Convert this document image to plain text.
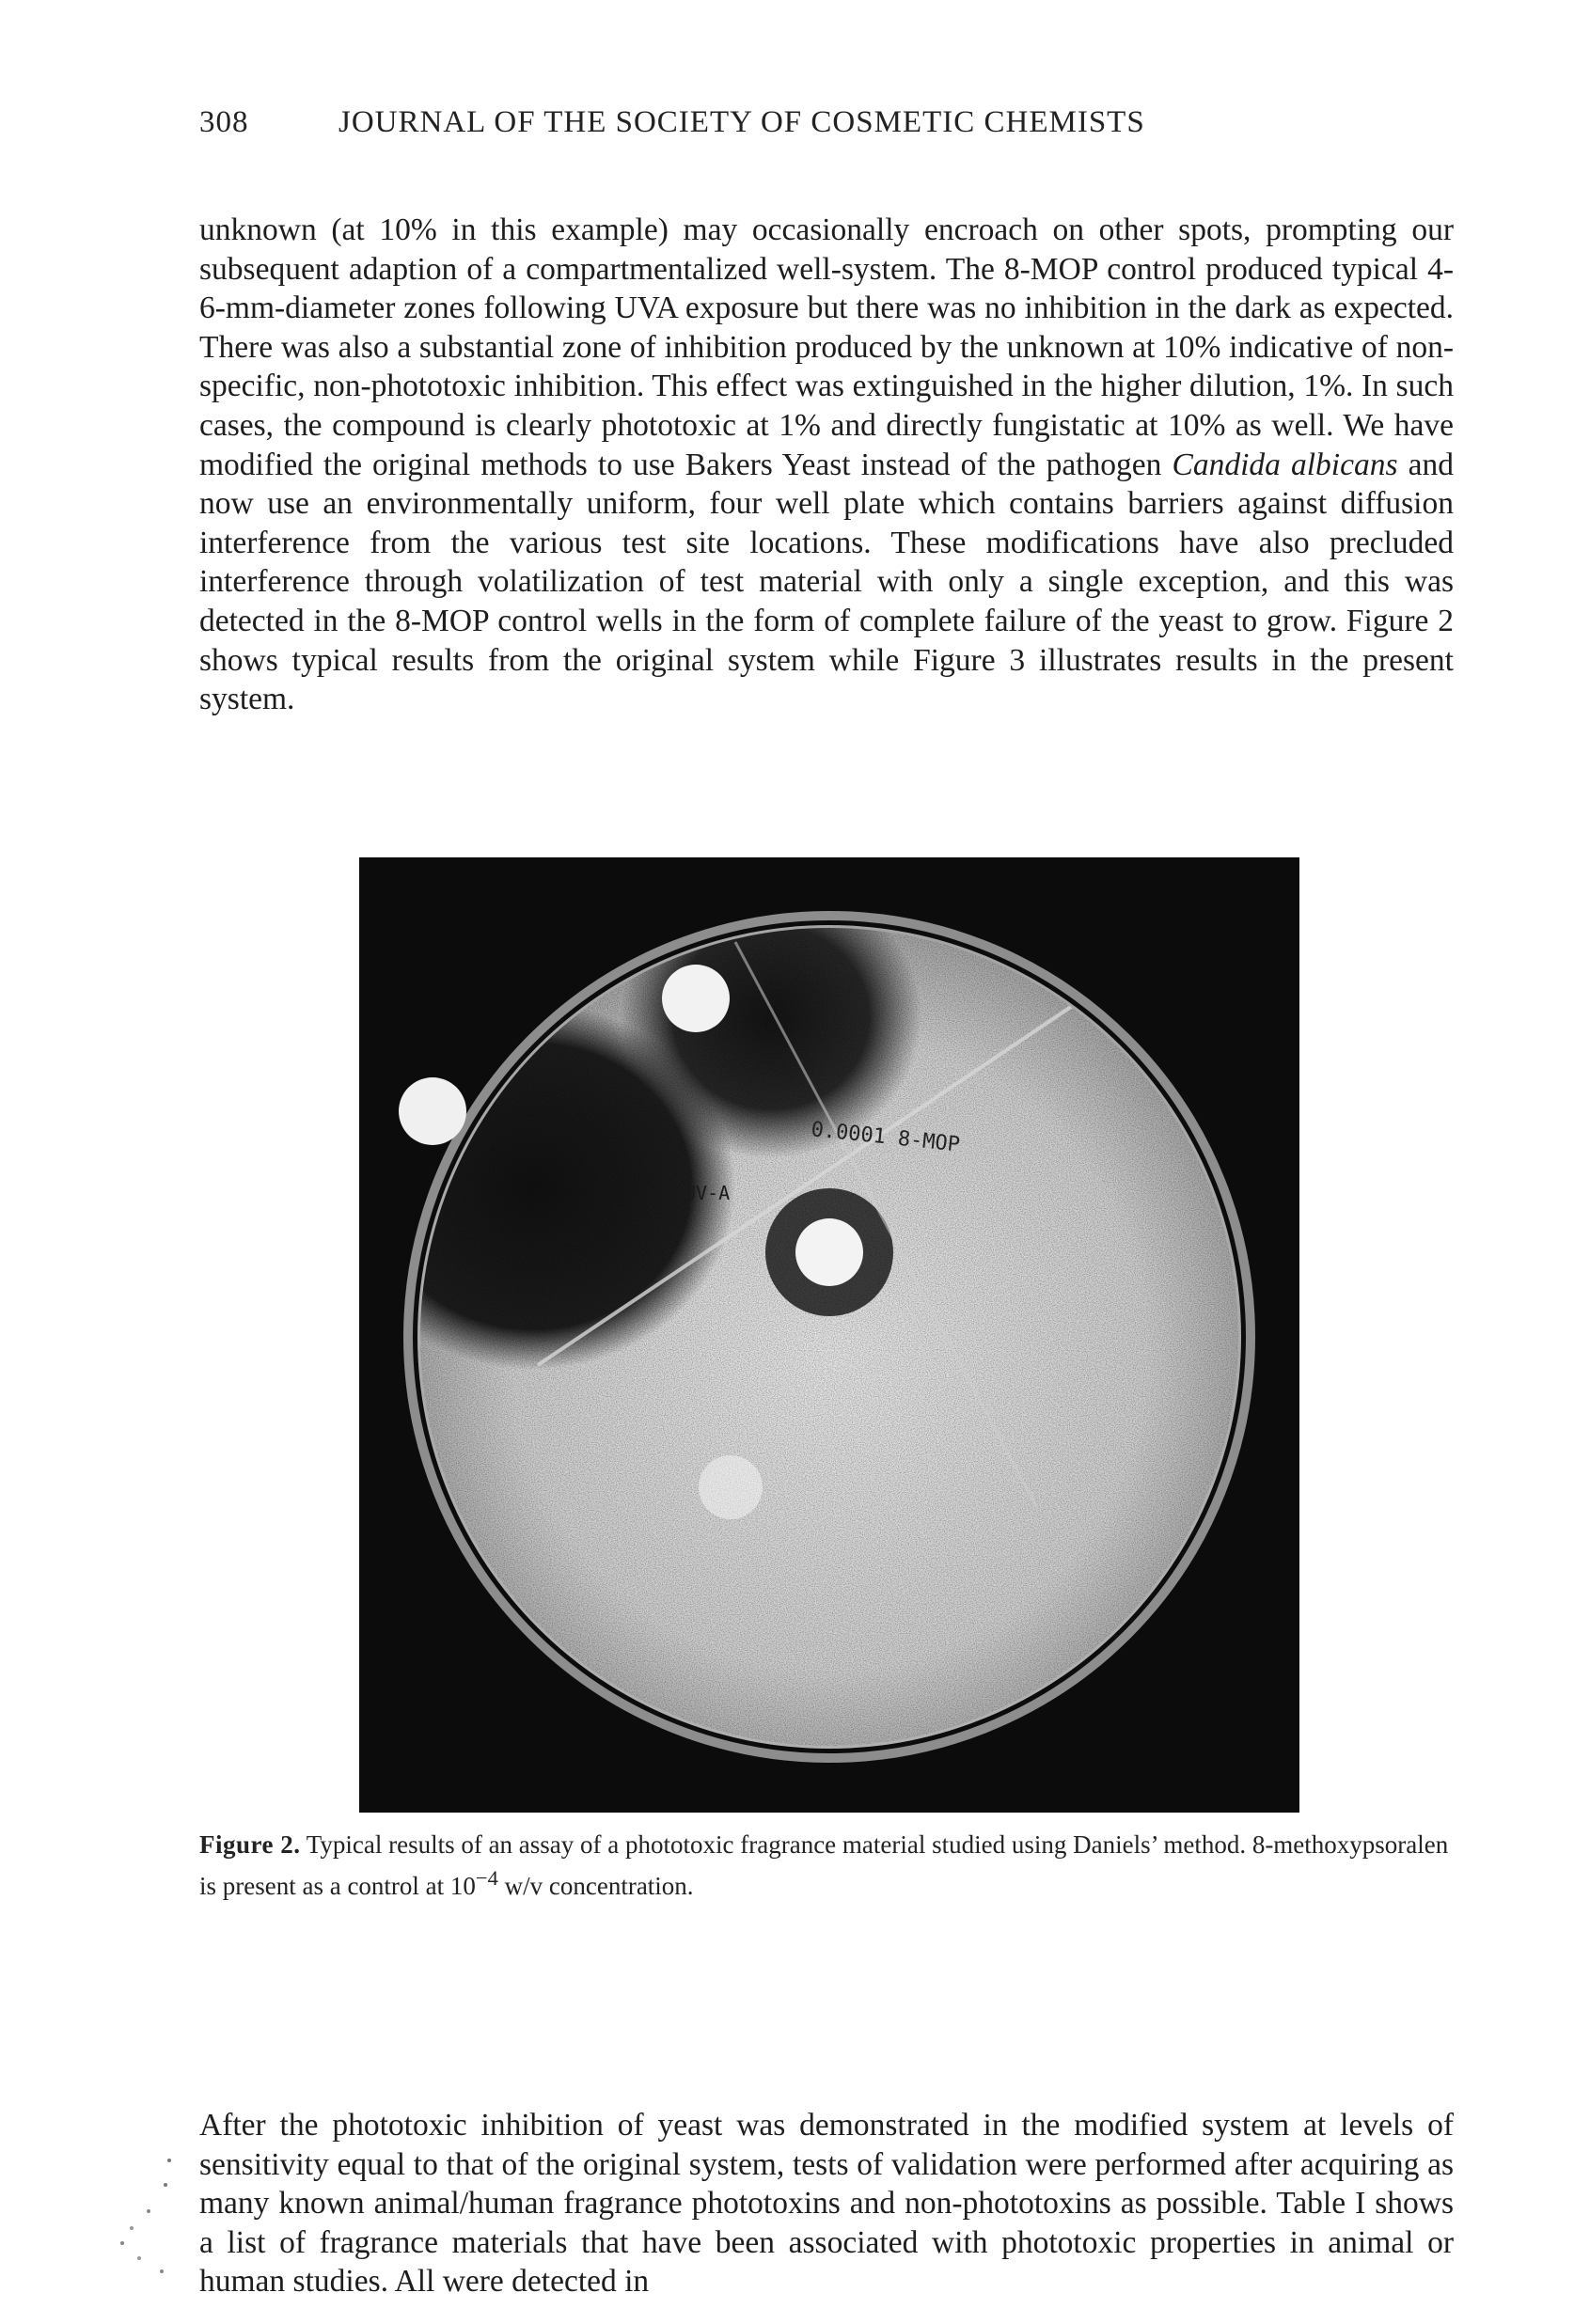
308	JOURNAL OF THE SOCIETY OF COSMETIC CHEMISTS

unknown (at 10% in this example) may occasionally encroach on other spots, prompting our subsequent adaption of a compartmentalized well-system. The 8-MOP control produced typical 4-6-mm-diameter zones following UVA exposure but there was no inhibition in the dark as expected. There was also a substantial zone of inhibition produced by the unknown at 10% indicative of non-specific, non-phototoxic inhibition. This effect was extinguished in the higher dilution, 1%. In such cases, the compound is clearly phototoxic at 1% and directly fungistatic at 10% as well. We have modified the original methods to use Bakers Yeast instead of the pathogen Candida albicans and now use an environmentally uniform, four well plate which contains barriers against diffusion interference from the various test site locations. These modifications have also precluded interference through volatilization of test material with only a single exception, and this was detected in the 8-MOP control wells in the form of complete failure of the yeast to grow. Figure 2 shows typical results from the original system while Figure 3 illustrates results in the present system.

0.0001 8-MOP
UV-A

Figure 2. Typical results of an assay of a phototoxic fragrance material studied using Daniels’ method. 8-methoxypsoralen is present as a control at $10^{-4}$ w/v concentration.

After the phototoxic inhibition of yeast was demonstrated in the modified system at levels of sensitivity equal to that of the original system, tests of validation were performed after acquiring as many known animal/human fragrance phototoxins and non-phototoxins as possible. Table I shows a list of fragrance materials that have been associated with phototoxic properties in animal or human studies. All were detected in
